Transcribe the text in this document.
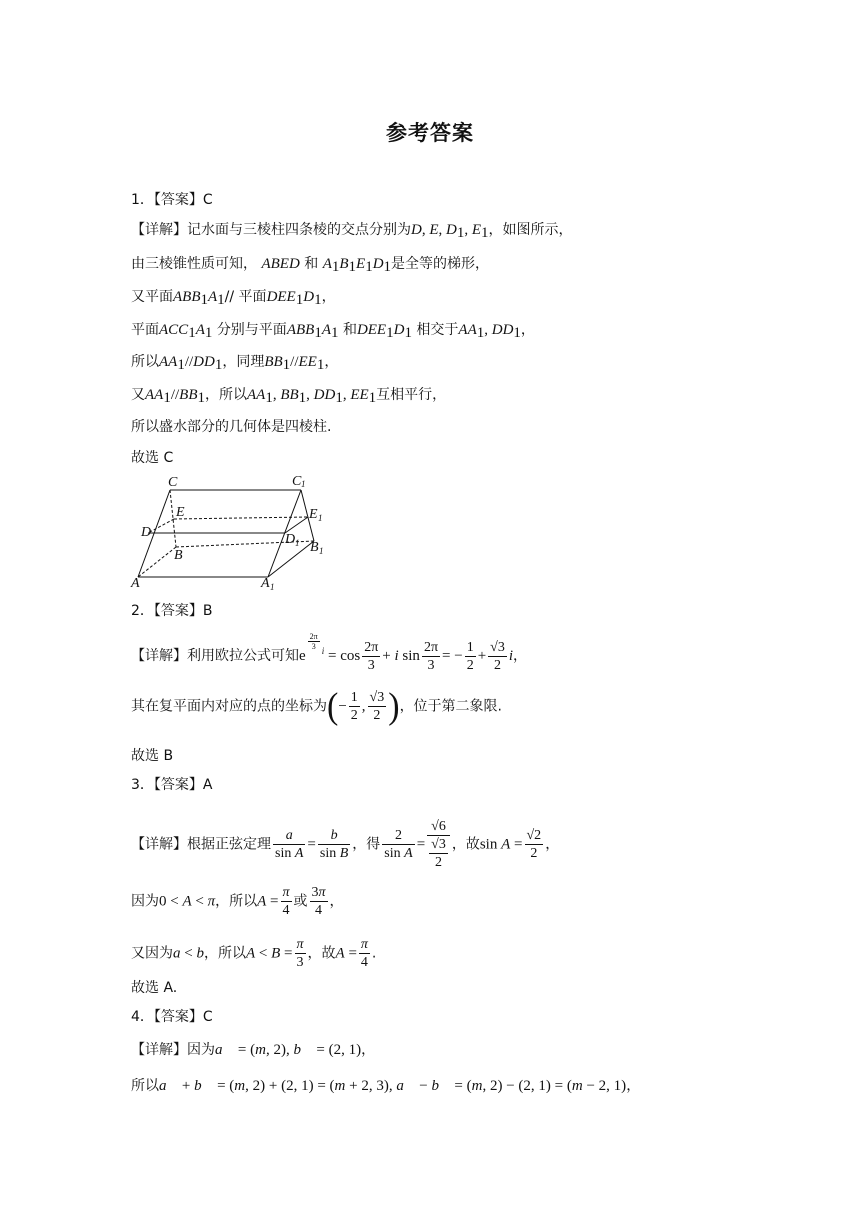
参考答案
1．【答案】C
【详解】记水面与三棱柱四条棱的交点分别为D, E, $D_1$, $E_1$，如图所示，
由三棱锥性质可知， ABED 和 $A_1B_1E_1D_1$是全等的梯形，
又平面$ABB_1A_1//$ 平面$DEE_1D_1$，
平面$ACC_1A_1$ 分别与平面$ABB_1A_1$ 和$DEE_1D_1$ 相交于$AA_1$, $DD_1$，
所以$AA_1//DD_1$，同理$BB_1//EE_1$，
又$AA_1//BB_1$，所以$AA_1$, $BB_1$, $DD_1$, $EE_1$互相平行，
所以盛水部分的几何体是四棱柱.
故选 C
C	C 1
E	E 1
D	D 1
B
B 1
A	A 1
2．【答案】B
【详解】利用欧拉公式可知e
$^{\frac{2\pi}{3} i} = \cos \frac{2\pi}{3} + i$ $\sin \frac{2\pi}{3}$ = − $\frac{1}{2} + \frac{√3}{2}$ i，
其在复平面内对应的点的坐标为(− $\frac{1}{2}$ , $\frac{√3}{2}$ )，位于第二象限.
故选 B
3．【答案】A
【详解】根据正弦定理 $\frac{a}{\text{sin A}} = \frac{b}{\text{sin B}}$ ，得 $\frac{2}{\text{sin A}} = \frac{√6}{\frac{√3}{2}}$ ，故$\sin A = \frac{√2}{2}$ ，
因为0 < A < π，所以$A = \frac{\pi}{4}$ 或 $\frac{3\pi}{4}$ ，
又因为a < b，所以$A < B = \frac{\pi}{3}$ ，故$A = \frac{\pi}{4}$ .
故选 A.
4．【答案】C
【详解】因为a⃗ = (m, 2), b⃗ = (2, 1)，
所以a⃗ + b⃗ = (m, 2) + (2, 1) = (m + 2, 3), a⃗ − b⃗ = (m, 2) − (2, 1) = (m − 2, 1)，
